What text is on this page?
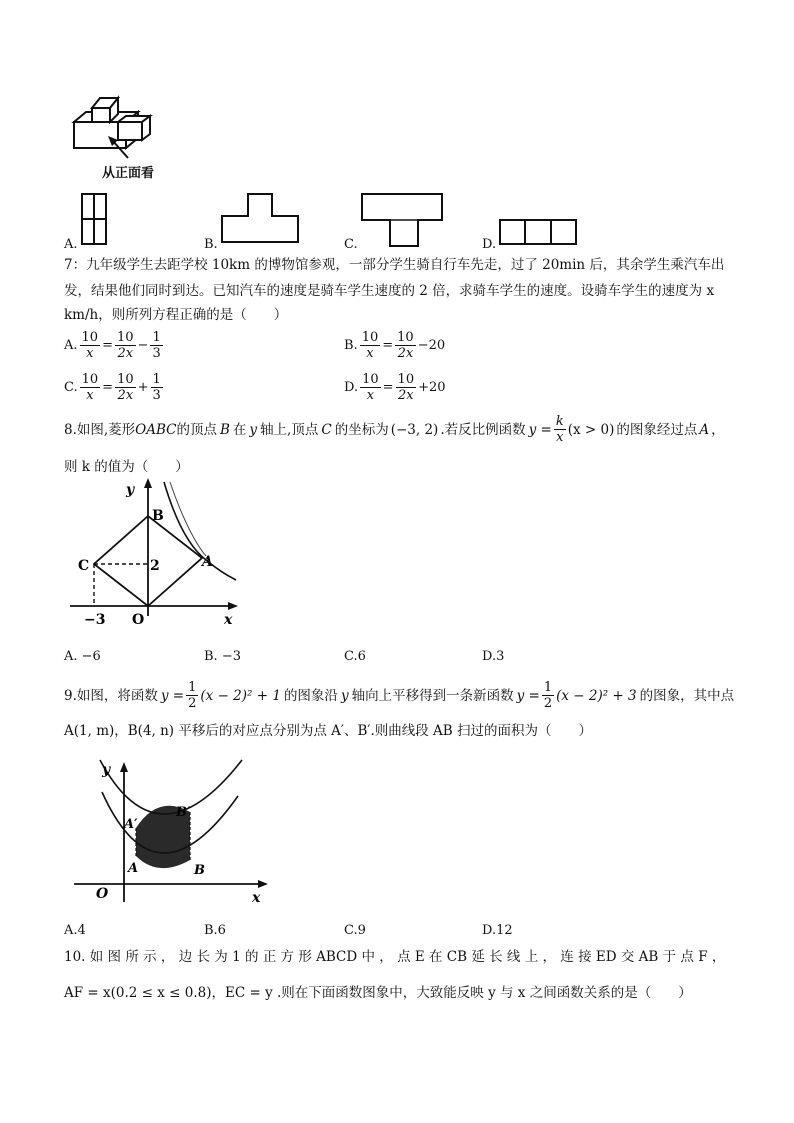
从正面看
A.	B.	C.	D.
7：九年级学生去距学校 10km 的博物馆参观，一部分学生骑自行车先走，过了 20min 后，其余学生乘汽车出
发，结果他们同时到达。已知汽车的速度是骑车学生速度的 2 倍，求骑车学生的速度。设骑车学生的速度为 x
km/h，则所列方程正确的是（　　）
A. $\frac{10}{x} = \frac{10}{2x} - \frac{1}{3}$	B. $\frac{10}{x} = \frac{10}{2x} - 20$
C. $\frac{10}{x} = \frac{10}{2x} + \frac{1}{3}$	D. $\frac{10}{x} = \frac{10}{2x} + 20$
8.如图,菱形 OABC 的顶点 B 在 y 轴上,顶点 C 的坐标为 (−3, 2) .若反比例函数 $y = \frac{k}{x} (x > 0)$ 的图象经过点 A ，
则 k 的值为（　　）
y
B
C	A
2
−3 O	x
A. −6	B. −3	C.6	D.3
9.如图，将函数 $y = \frac{1}{2} (x - 2)^2 + 1$ 的图象沿 y 轴向上平移得到一条新函数 $y = \frac{1}{2} (x - 2)^2 + 3$ 的图象，其中点
A(1, m)，B(4, n) 平移后的对应点分别为点 A′、B′.则曲线段 AB 扫过的面积为（　　）
A′
B′
A	B
y
O	x
A.4	B.6	C.9	D.12
10. 如 图 所 示 ， 边 长 为 1 的 正 方 形 ABCD 中 ， 点 E 在 CB 延 长 线 上 ， 连 接 ED 交 AB 于 点 F ，
AF = x(0.2 ≤ x ≤ 0.8)，EC = y .则在下面函数图象中，大致能反映 y 与 x 之间函数关系的是（　　）
